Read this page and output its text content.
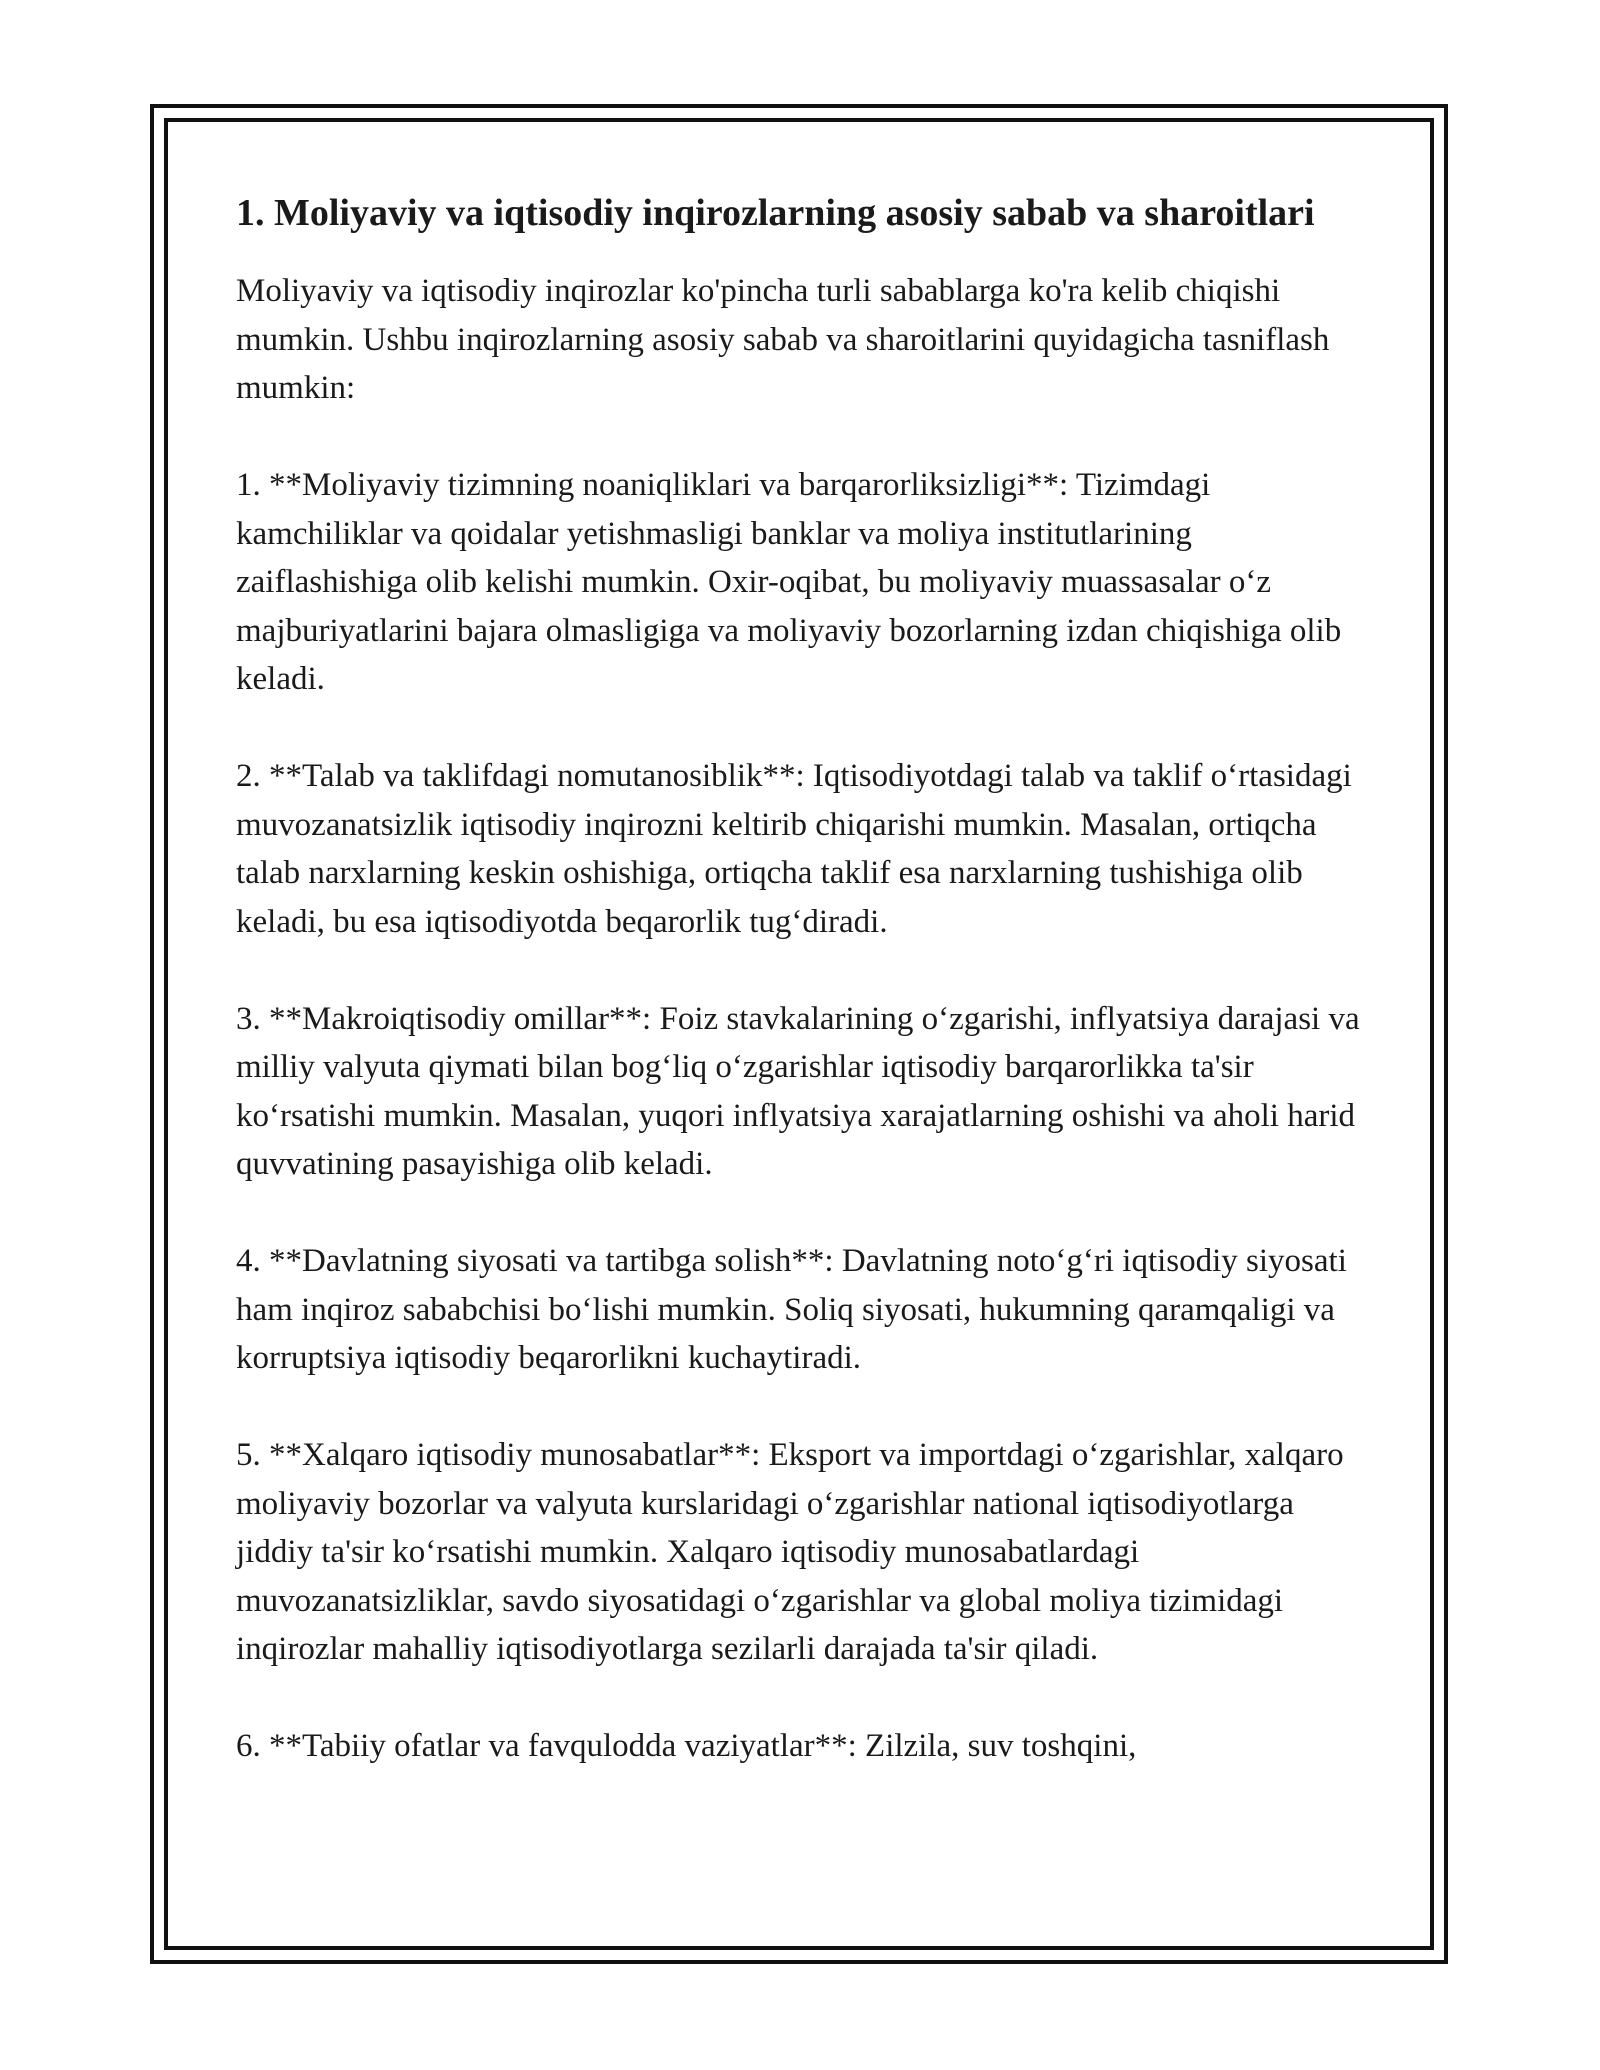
1. Moliyaviy va iqtisodiy inqirozlarning asosiy sabab va sharoitlari

Moliyaviy va iqtisodiy inqirozlar ko'pincha turli sabablarga ko'ra kelib chiqishi mumkin. Ushbu inqirozlarning asosiy sabab va sharoitlarini quyidagicha tasniflash mumkin:

1. **Moliyaviy tizimning noaniqliklari va barqarorliksizligi**: Tizimdagi kamchiliklar va qoidalar yetishmasligi banklar va moliya institutlarining zaiflashishiga olib kelishi mumkin. Oxir-oqibat, bu moliyaviy muassasalar o‘z majburiyatlarini bajara olmasligiga va moliyaviy bozorlarning izdan chiqishiga olib keladi.

2. **Talab va taklifdagi nomutanosiblik**: Iqtisodiyotdagi talab va taklif o‘rtasidagi muvozanatsizlik iqtisodiy inqirozni keltirib chiqarishi mumkin. Masalan, ortiqcha talab narxlarning keskin oshishiga, ortiqcha taklif esa narxlarning tushishiga olib keladi, bu esa iqtisodiyotda beqarorlik tug‘diradi.

3. **Makroiqtisodiy omillar**: Foiz stavkalarining o‘zgarishi, inflyatsiya darajasi va milliy valyuta qiymati bilan bog‘liq o‘zgarishlar iqtisodiy barqarorlikka ta'sir ko‘rsatishi mumkin. Masalan, yuqori inflyatsiya xarajatlarning oshishi va aholi harid quvvatining pasayishiga olib keladi.

4. **Davlatning siyosati va tartibga solish**: Davlatning noto‘g‘ri iqtisodiy siyosati ham inqiroz sababchisi bo‘lishi mumkin. Soliq siyosati, hukumning qaramqaligi va korruptsiya iqtisodiy beqarorlikni kuchaytiradi.

5. **Xalqaro iqtisodiy munosabatlar**: Eksport va importdagi o‘zgarishlar, xalqaro moliyaviy bozorlar va valyuta kurslaridagi o‘zgarishlar national iqtisodiyotlarga jiddiy ta'sir ko‘rsatishi mumkin. Xalqaro iqtisodiy munosabatlardagi muvozanatsizliklar, savdo siyosatidagi o‘zgarishlar va global moliya tizimidagi inqirozlar mahalliy iqtisodiyotlarga sezilarli darajada ta'sir qiladi.

6. **Tabiiy ofatlar va favqulodda vaziyatlar**: Zilzila, suv toshqini,
